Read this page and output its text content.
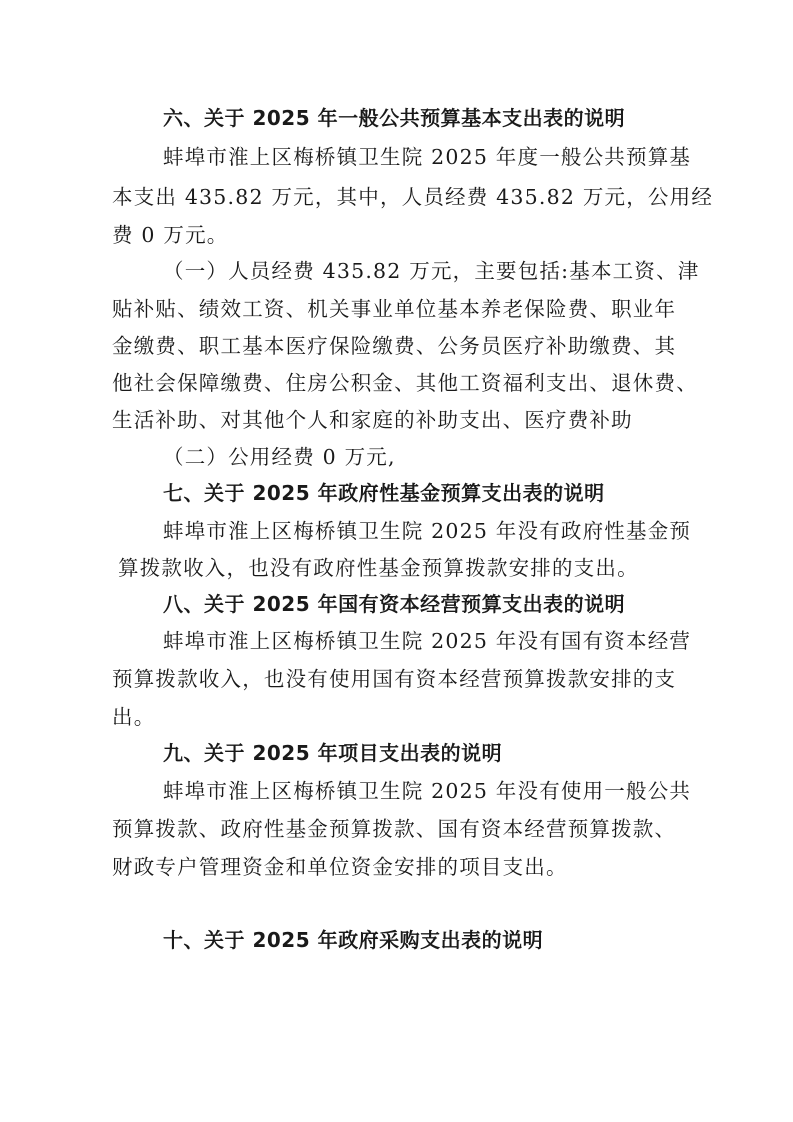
六、关于 2025 年一般公共预算基本支出表的说明
蚌埠市淮上区梅桥镇卫生院 2025 年度一般公共预算基
本支出 435.82 万元，其中，人员经费 435.82 万元，公用经
费 0 万元。
（一）人员经费 435.82 万元，主要包括:基本工资、津
贴补贴、绩效工资、机关事业单位基本养老保险费、职业年
金缴费、职工基本医疗保险缴费、公务员医疗补助缴费、其
他社会保障缴费、住房公积金、其他工资福利支出、退休费、
生活补助、对其他个人和家庭的补助支出、医疗费补助
（二）公用经费 0 万元,
七、关于 2025 年政府性基金预算支出表的说明
蚌埠市淮上区梅桥镇卫生院 2025 年没有政府性基金预
算拨款收入，也没有政府性基金预算拨款安排的支出。
八、关于 2025 年国有资本经营预算支出表的说明
蚌埠市淮上区梅桥镇卫生院 2025 年没有国有资本经营
预算拨款收入，也没有使用国有资本经营预算拨款安排的支
出。
九、关于 2025 年项目支出表的说明
蚌埠市淮上区梅桥镇卫生院 2025 年没有使用一般公共
预算拨款、政府性基金预算拨款、国有资本经营预算拨款、
财政专户管理资金和单位资金安排的项目支出。
十、关于 2025 年政府采购支出表的说明
